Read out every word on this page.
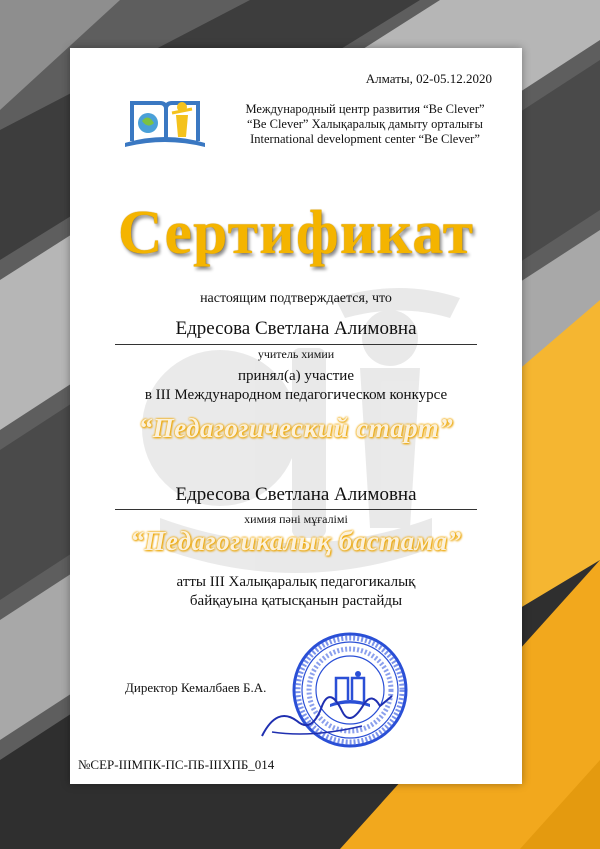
Алматы, 02-05.12.2020
Международный центр развития “Be Clever”
“Be Clever” Халықаралық дамыту орталығы
International development center “Be Clever”
Сертификат
настоящим подтверждается, что
Едресова Светлана Алимовна
учитель химии
принял(а) участие
в III Международном педагогическом конкурсе
“Педагогический старт”
Едресова Светлана Алимовна
химия пәні мұғалімі
“Педагогикалық бастама”
атты III Халықаралық педагогикалық
байқауына қатысқанын растайды
Директор Кемалбаев Б.А.
№СЕР-IIIМПК-ПС-ПБ-IIIХПБ_014
